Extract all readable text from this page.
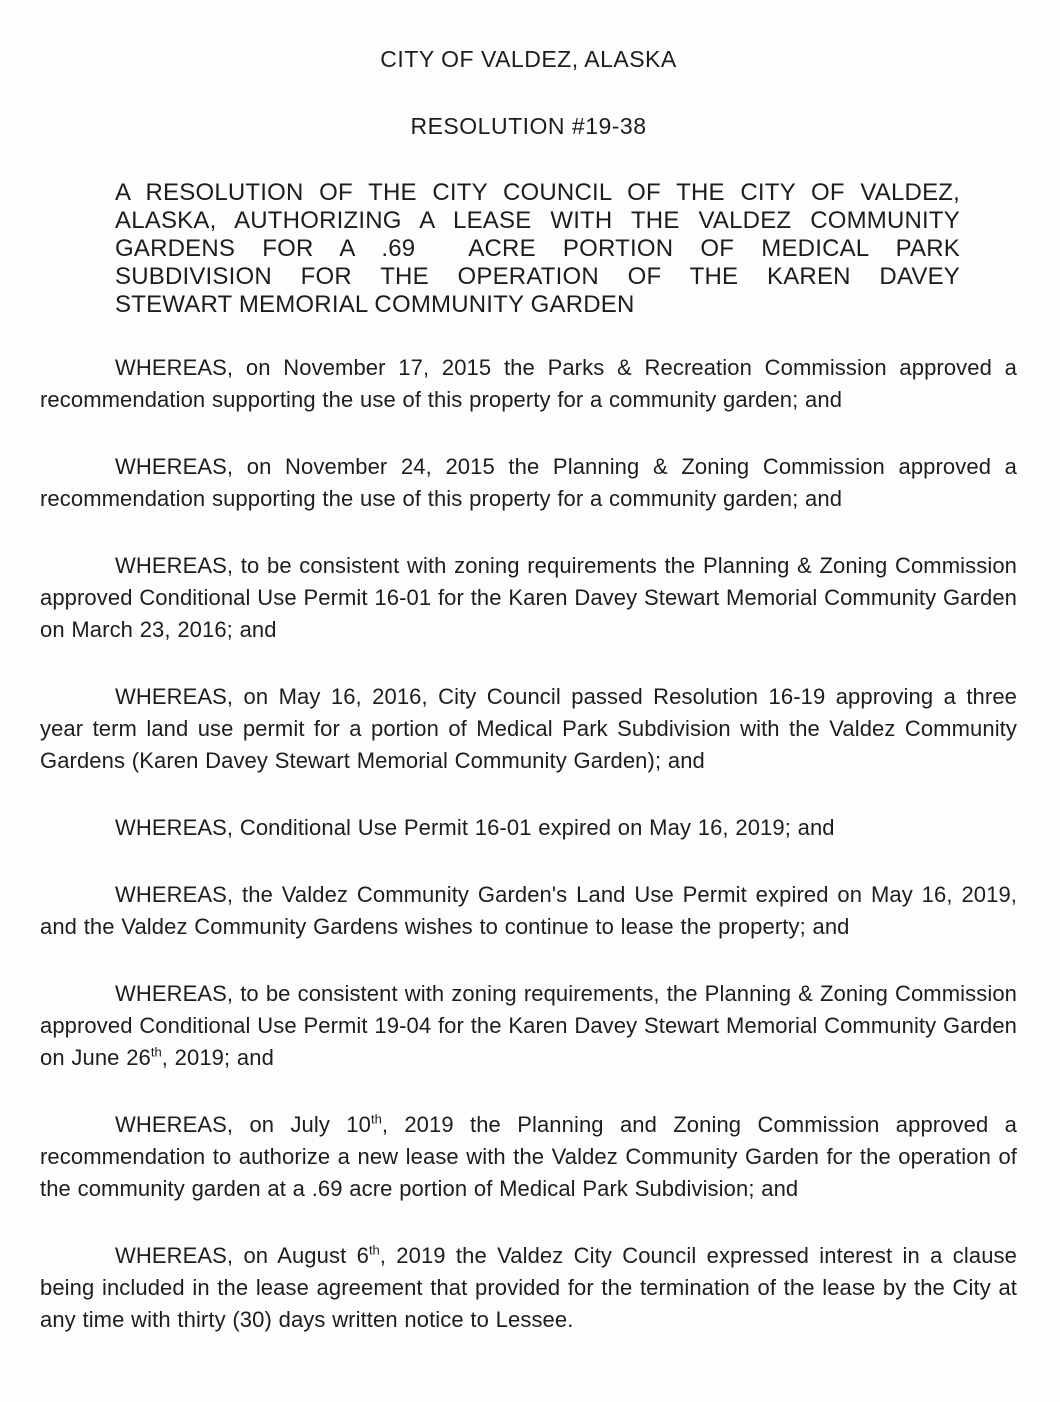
CITY OF VALDEZ, ALASKA
RESOLUTION #19-38
A RESOLUTION OF THE CITY COUNCIL OF THE CITY OF VALDEZ,
ALASKA, AUTHORIZING A LEASE WITH THE VALDEZ COMMUNITY
GARDENS FOR A .69  ACRE PORTION OF MEDICAL PARK
SUBDIVISION FOR THE OPERATION OF THE KAREN DAVEY
STEWART MEMORIAL COMMUNITY GARDEN

WHEREAS, on November 17, 2015 the Parks & Recreation Commission approved a recommendation supporting the use of this property for a community garden; and

WHEREAS, on November 24, 2015 the Planning & Zoning Commission approved a recommendation supporting the use of this property for a community garden; and

WHEREAS, to be consistent with zoning requirements the Planning & Zoning Commission approved Conditional Use Permit 16-01 for the Karen Davey Stewart Memorial Community Garden on March 23, 2016; and

WHEREAS, on May 16, 2016, City Council passed Resolution 16-19 approving a three year term land use permit for a portion of Medical Park Subdivision with the Valdez Community Gardens (Karen Davey Stewart Memorial Community Garden); and

WHEREAS, Conditional Use Permit 16-01 expired on May 16, 2019; and

WHEREAS, the Valdez Community Garden's Land Use Permit expired on May 16, 2019, and the Valdez Community Gardens wishes to continue to lease the property; and

WHEREAS, to be consistent with zoning requirements, the Planning & Zoning Commission approved Conditional Use Permit 19-04 for the Karen Davey Stewart Memorial Community Garden on June 26th, 2019; and

WHEREAS, on July 10th, 2019 the Planning and Zoning Commission approved a recommendation to authorize a new lease with the Valdez Community Garden for the operation of the community garden at a .69 acre portion of Medical Park Subdivision; and

WHEREAS, on August 6th, 2019 the Valdez City Council expressed interest in a clause being included in the lease agreement that provided for the termination of the lease by the City at any time with thirty (30) days written notice to Lessee.
